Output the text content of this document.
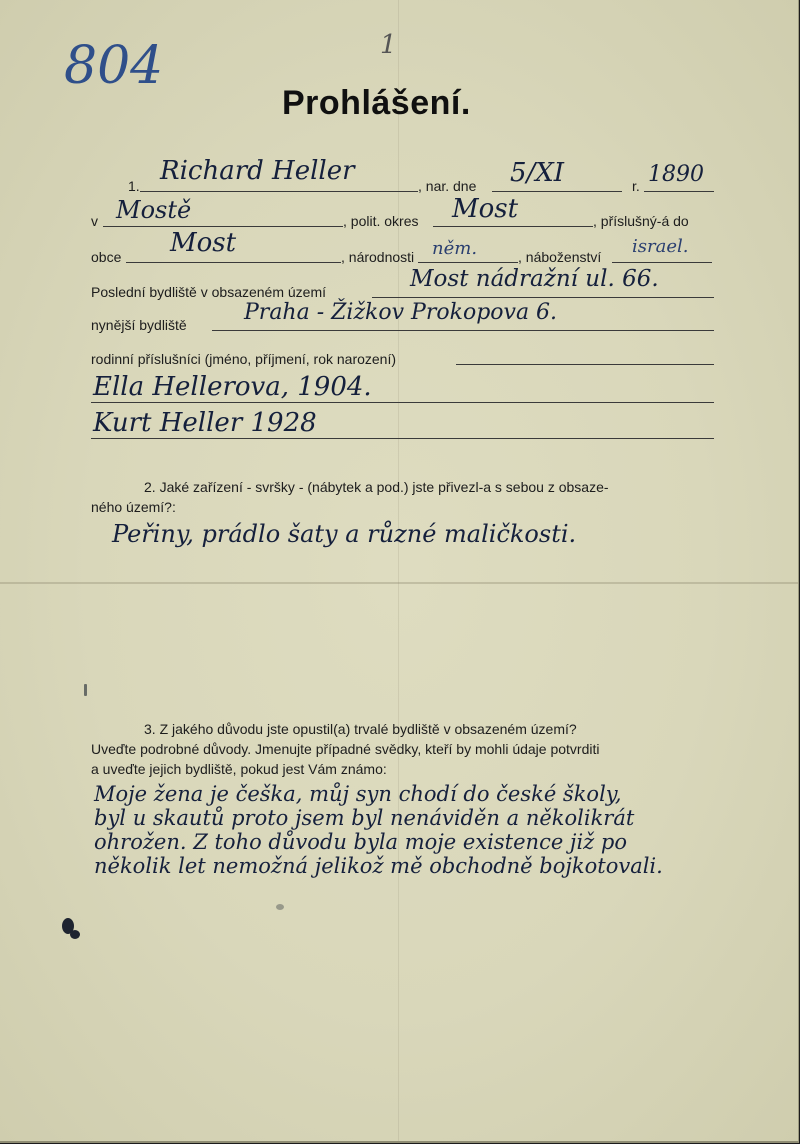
804	1
Prohlášení.
1. Richard Heller	, nar. dne 5/XI	r. 1890
v Mostě	, polit. okres Most	, příslušný-á do
obce Most	, národnosti něm.	, náboženství israel.
Poslední bydliště v obsazeném území	Most nádražní ul. 66.
nynější bydliště	Praha - Žižkov Prokopova 6.
rodinní příslušníci (jméno, příjmení, rok narození)
Ella Hellerova, 1904.
Kurt Heller 1928
2. Jaké zařízení - svršky - (nábytek a pod.) jste přivezl-a s sebou z obsaze-
ného území?:
Peřiny, prádlo šaty a různé maličkosti.
3. Z jakého důvodu jste opustil(a) trvalé bydliště v obsazeném území?
Uveďte podrobné důvody. Jmenujte případné svědky, kteří by mohli údaje potvrditi
a uveďte jejich bydliště, pokud jest Vám známo:
Moje žena je češka, můj syn chodí do české školy,
byl u skautů proto jsem byl nenáviděn a několikrát
ohrožen. Z toho důvodu byla moje existence již po
několik let nemožná jelikož mě obchodně bojkotovali.
